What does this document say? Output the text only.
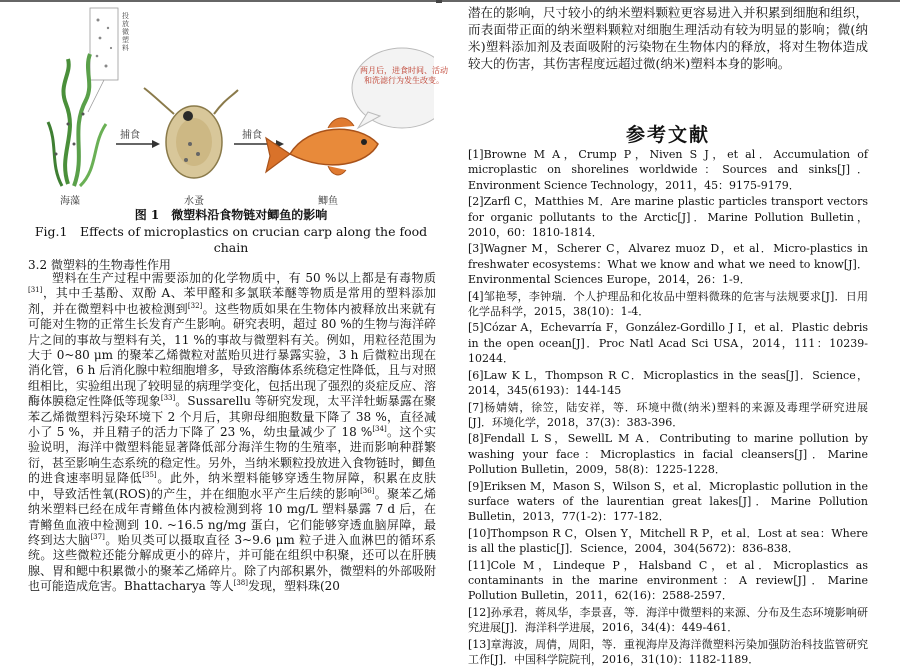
投放微塑料
两月后，进食时间、活动和洗滤行为发生改变。
捕食	捕食
海藻	水蚤	鲫鱼
图 1　微塑料沿食物链对鲫鱼的影响
Fig.1　Effects of microplastics on crucian carp along the food chain
3.2 微塑料的生物毒性作用
塑料在生产过程中需要添加的化学物质中，有 50 %以上都是有毒物质[31]，其中壬基酚、双酚 A、苯甲醛和多氯联苯醚等物质是常用的塑料添加剂，并在微塑料中也被检测到[32]。这些物质如果在生物体内被释放出来就有可能对生物的正常生长发育产生影响。研究表明，超过 80 %的生物与海洋碎片之间的事故与塑料有关，11 %的事故与微塑料有关。例如，用粒径范围为大于 0~80 μm 的聚苯乙烯微粒对蓝贻贝进行暴露实验，3 h 后微粒出现在消化管，6 h 后消化腺中粒细胞增多，导致溶酶体系统稳定性降低，且与对照组相比，实验组出现了较明显的病理学变化，包括出现了强烈的炎症反应、溶酶体膜稳定性降低等现象[33]。Sussarellu 等研究发现，太平洋牡蛎暴露在聚苯乙烯微塑料污染环境下 2 个月后，其卵母细胞数量下降了 38 %，直径减小了 5 %，并且精子的活力下降了 23 %，幼虫量减少了 18 %[34]。这个实验说明，海洋中微塑料能显著降低部分海洋生物的生殖率，进而影响种群繁衍，甚至影响生态系统的稳定性。另外，当纳米颗粒投放进入食物链时，鲫鱼的进食速率明显降低[35]。此外，纳米塑料能够穿透生物屏障，积累在皮肤中，导致活性氧(ROS)的产生，并在细胞水平产生后续的影响[36]。聚苯乙烯纳米塑料已经在成年青鳉鱼体内被检测到将 10 mg/L 塑料暴露 7 d 后，在青鳉鱼血液中检测到 10. ~16.5 ng/mg 蛋白，它们能够穿透血脑屏障，最终到达大脑[37]。贻贝类可以摄取直径 3~9.6 μm 粒子进入血淋巴的循环系统。这些微粒还能分解成更小的碎片，并可能在组织中积聚，还可以在肝胰腺、胃和鳃中积累微小的聚苯乙烯碎片。除了内部积累外，微塑料的外部吸附也可能造成危害。Bhattacharya 等人[38]发现，塑料珠(20
潜在的影响，尺寸较小的纳米塑料颗粒更容易进入并积累到细胞和组织，而表面带正面的纳米塑料颗粒对细胞生理活动有较为明显的影响；微(纳米)塑料添加剂及表面吸附的污染物在生物体内的释放，将对生物体造成较大的伤害，其伤害程度远超过微(纳米)塑料本身的影响。
参考文献
[1]Browne M A，Crump P，Niven S J，et al．Accumulation of microplastic on shorelines worldwide：Sources and sinks[J]．Environment Science Technology，2011，45：9175-9179．
[2]Zarfl C，Matthies M．Are marine plastic particles transport vectors for organic pollutants to the Arctic[J]．Marine Pollution Bulletin，2010，60：1810-1814．
[3]Wagner M，Scherer C，Alvarez muoz D，et al．Micro-plastics in freshwater ecosystems：What we know and what we need to know[J]．Environmental Sciences Europe，2014，26：1-9．
[4]邹艳琴，李钟瑞．个人护理品和化妆品中塑料微珠的危害与法规要求[J]．日用化学品科学，2015，38(10)：1-4．
[5]Cózar A，Echevarría F，González-Gordillo J I，et al．Plastic debris in the open ocean[J]．Proc Natl Acad Sci USA，2014，111：10239-10244．
[6]Law K L，Thompson R C．Microplastics in the seas[J]．Science，2014，345(6193)：144-145
[7]杨婧婧，徐笠，陆安祥，等．环境中微(纳米)塑料的来源及毒理学研究进展[J]．环境化学，2018，37(3)：383-396．
[8]Fendall L S，SewellL M A．Contributing to marine pollution by washing your face：Microplastics in facial cleansers[J]．Marine Pollution Bulletin，2009，58(8)：1225-1228．
[9]Eriksen M，Mason S，Wilson S，et al．Microplastic pollution in the surface waters of the laurentian great lakes[J]．Marine Pollution Bulletin，2013，77(1-2)：177-182．
[10]Thompson R C，Olsen Y，Mitchell R P，et al．Lost at sea：Where is all the plastic[J]．Science，2004，304(5672)：836-838．
[11]Cole M，Lindeque P，Halsband C，et al．Microplastics as contaminants in the marine environment：A review[J]．Marine Pollution Bulletin，2011，62(16)：2588-2597．
[12]孙承君，蒋凤华，李景喜，等．海洋中微塑料的来源、分布及生态环境影响研究进展[J]．海洋科学进展，2016，34(4)：449-461．
[13]章海波，周倩，周阳，等．重视海岸及海洋微塑料污染加强防治科技监管研究工作[J]．中国科学院院刊，2016，31(10)：1182-1189．
